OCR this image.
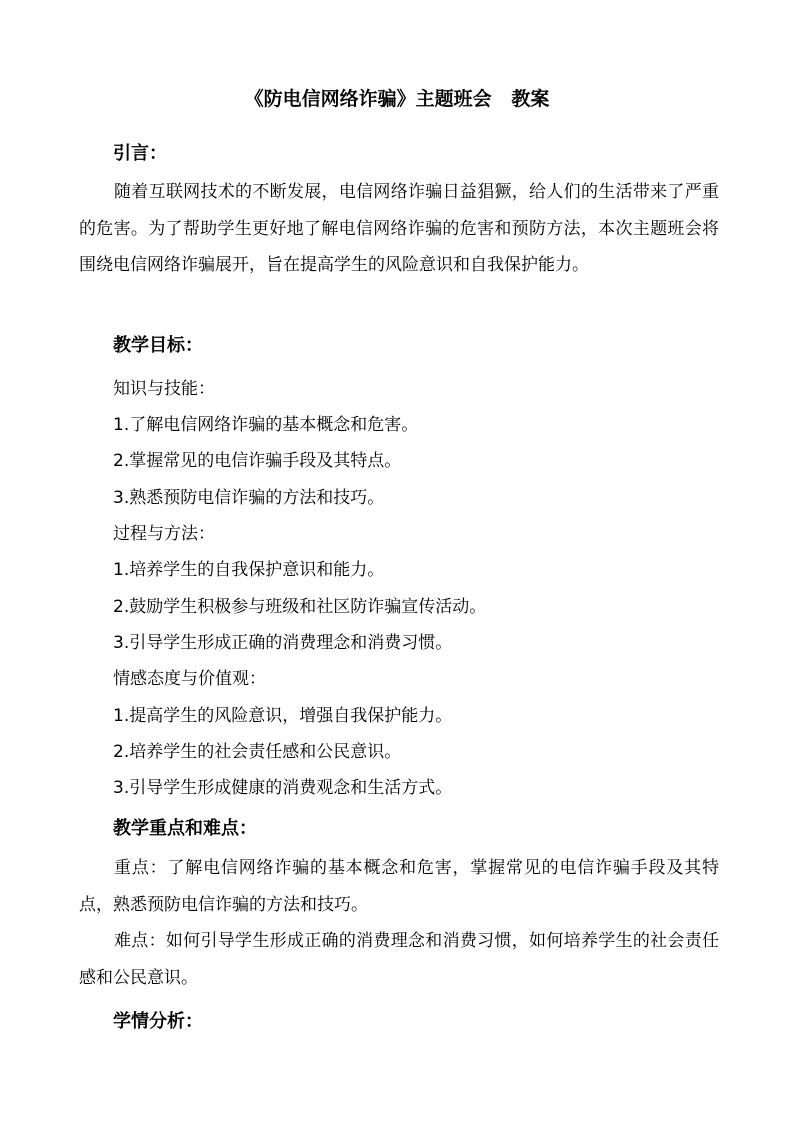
《防电信网络诈骗》主题班会   教案
引言：
随着互联网技术的不断发展，电信网络诈骗日益猖獗，给人们的生活带来了严重的危害。为了帮助学生更好地了解电信网络诈骗的危害和预防方法，本次主题班会将围绕电信网络诈骗展开，旨在提高学生的风险意识和自我保护能力。
教学目标：
知识与技能：
1.了解电信网络诈骗的基本概念和危害。
2.掌握常见的电信诈骗手段及其特点。
3.熟悉预防电信诈骗的方法和技巧。
过程与方法：
1.培养学生的自我保护意识和能力。
2.鼓励学生积极参与班级和社区防诈骗宣传活动。
3.引导学生形成正确的消费理念和消费习惯。
情感态度与价值观：
1.提高学生的风险意识，增强自我保护能力。
2.培养学生的社会责任感和公民意识。
3.引导学生形成健康的消费观念和生活方式。
教学重点和难点：
重点：了解电信网络诈骗的基本概念和危害，掌握常见的电信诈骗手段及其特点，熟悉预防电信诈骗的方法和技巧。
难点：如何引导学生形成正确的消费理念和消费习惯，如何培养学生的社会责任感和公民意识。
学情分析：
